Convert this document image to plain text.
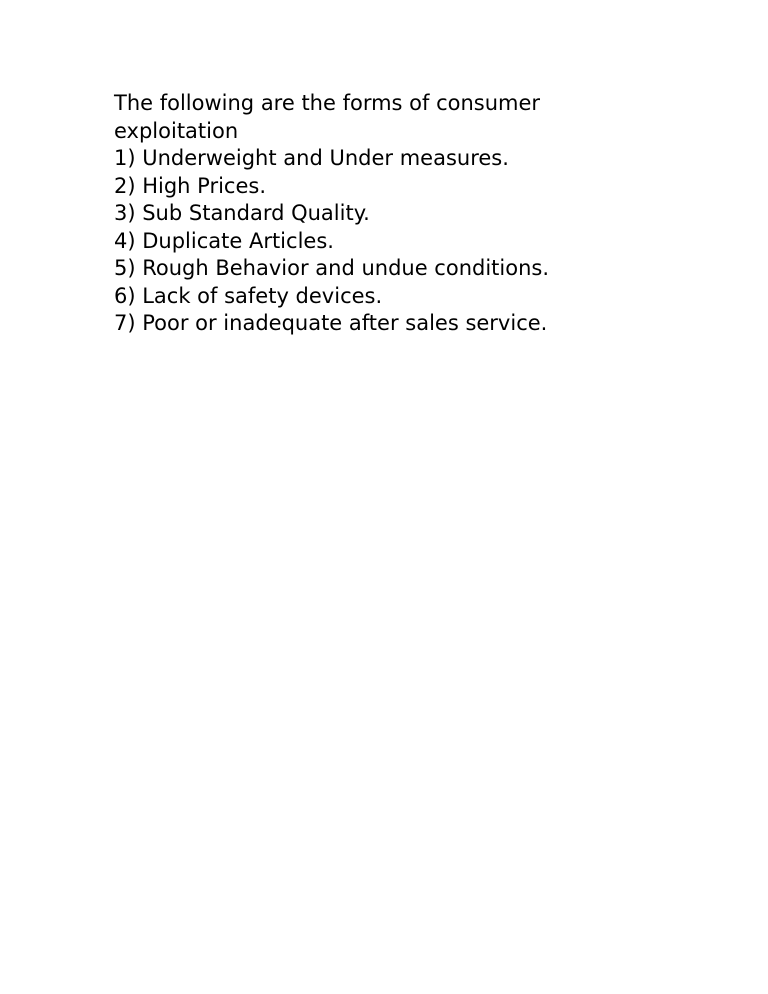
The following are the forms of consumer
exploitation
1) Underweight and Under measures.
2) High Prices.
3) Sub Standard Quality.
4) Duplicate Articles.
5) Rough Behavior and undue conditions.
6) Lack of safety devices.
7) Poor or inadequate after sales service.
